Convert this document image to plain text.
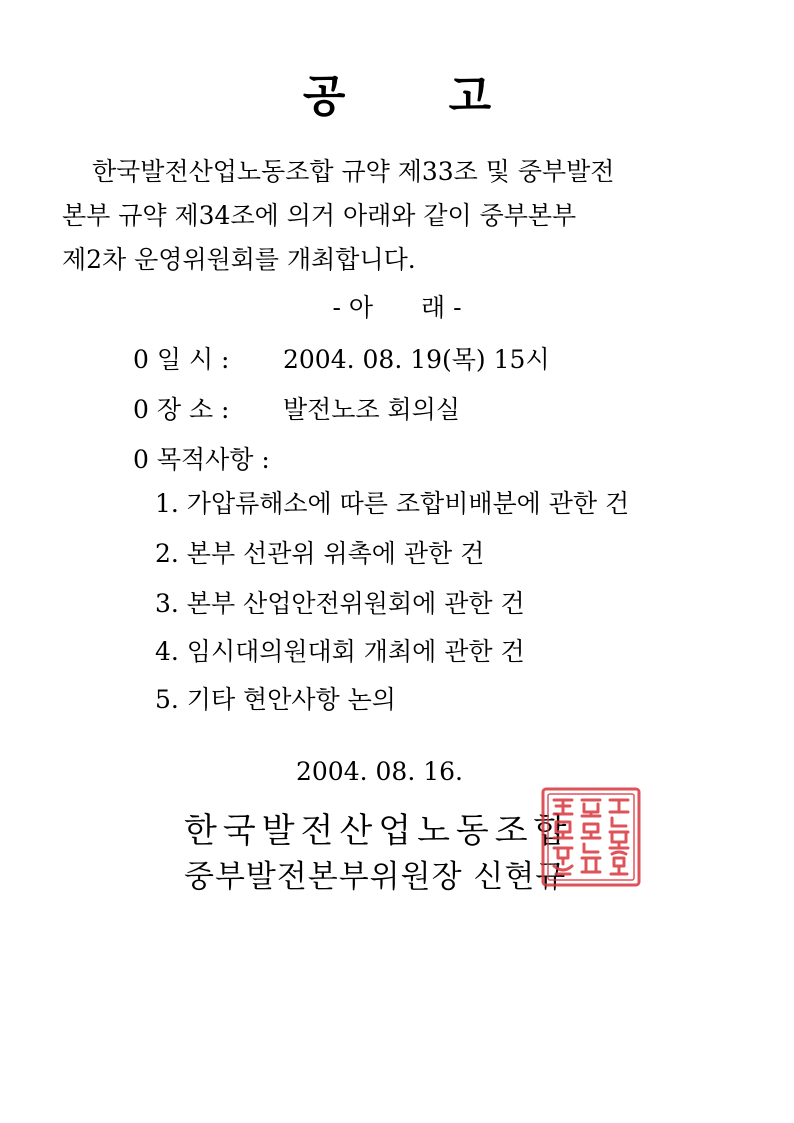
공 고
한국발전산업노동조합 규약 제33조 및 중부발전
본부 규약 제34조에 의거 아래와 같이 중부본부
제2차 운영위원회를 개최합니다.
- 아 래 -
0 일 시 : 2004. 08. 19(목) 15시
0 장 소 : 발전노조 회의실
0 목적사항 :
1. 가압류해소에 따른 조합비배분에 관한 건
2. 본부 선관위 위촉에 관한 건
3. 본부 산업안전위원회에 관한 건
4. 임시대의원대회 개최에 관한 건
5. 기타 현안사항 논의
2004. 08. 16.
한국발전산업노동조합
중부발전본부위원장 신현규
